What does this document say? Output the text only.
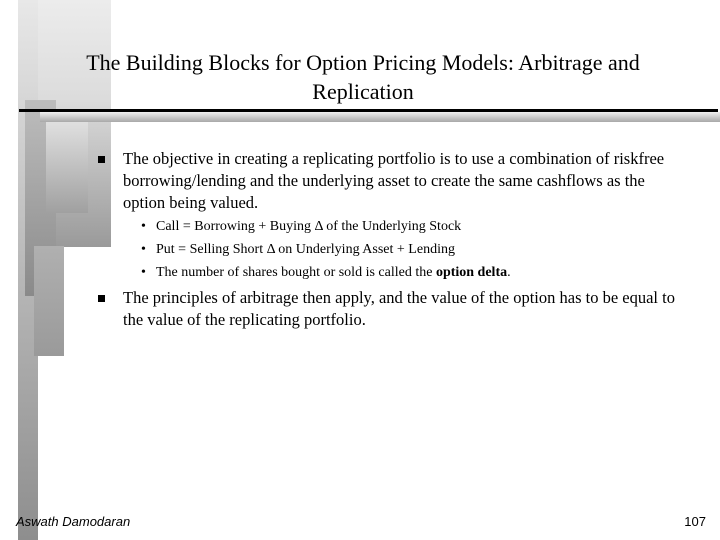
The Building Blocks for Option Pricing Models: Arbitrage and Replication
The objective in creating a replicating portfolio is to use a combination of riskfree borrowing/lending and the underlying asset to create the same cashflows as the option being valued.
• Call = Borrowing + Buying Δ of the Underlying Stock
• Put = Selling Short Δ on Underlying Asset + Lending
• The number of shares bought or sold is called the option delta.
The principles of arbitrage then apply, and the value of the option has to be equal to the value of the replicating portfolio.
Aswath Damodaran	107
